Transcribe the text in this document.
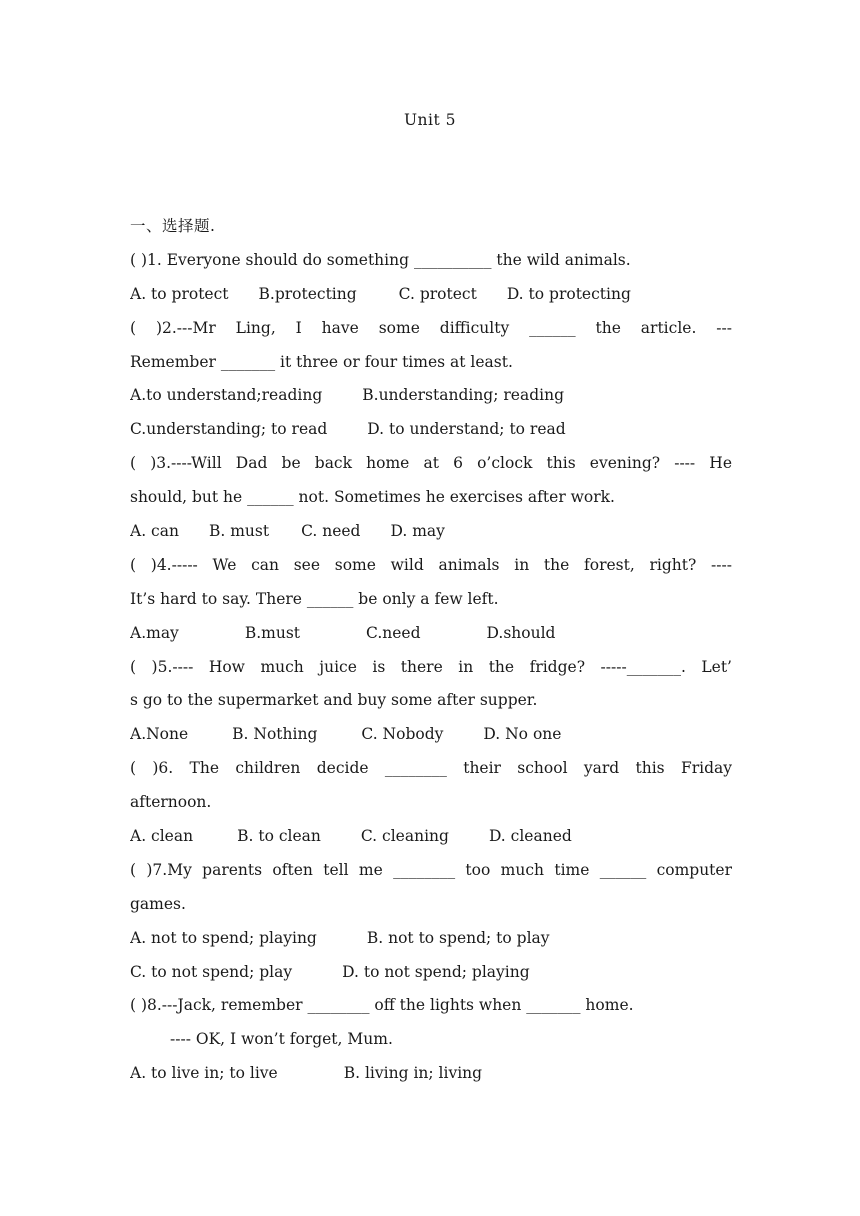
Unit 5
一、选择题.
( )1. Everyone should do something __________ the wild animals.
A. to protect B.protecting	C. protect D. to protecting
( )2.---Mr Ling, I have some difficulty ______ the article. ---
Remember _______ it three or four times at least.
A.to understand;reading	B.understanding; reading
C.understanding; to read	D. to understand; to read
( )3.----Will Dad be back home at 6 o’clock this evening? ---- He
should, but he ______ not. Sometimes he exercises after work.
A. can B. must C. need D. may
( )4.----- We can see some wild animals in the forest, right? ----
It’s hard to say. There ______ be only a few left.
A.may	B.must	C.need	D.should
( )5.---- How much juice is there in the fridge? -----_______. Let’
s go to the supermarket and buy some after supper.
A.None	B. Nothing	C. Nobody	D. No one
( )6. The children decide ________ their school yard this Friday
afternoon.
A. clean	B. to clean	C. cleaning	D. cleaned
( )7.My parents often tell me ________ too much time ______ computer
games.
A. not to spend; playing	B. not to spend; to play
C. to not spend; play	D. to not spend; playing
( )8.---Jack, remember ________ off the lights when _______ home.
---- OK, I won’t forget, Mum.
A. to live in; to live	B. living in; living
